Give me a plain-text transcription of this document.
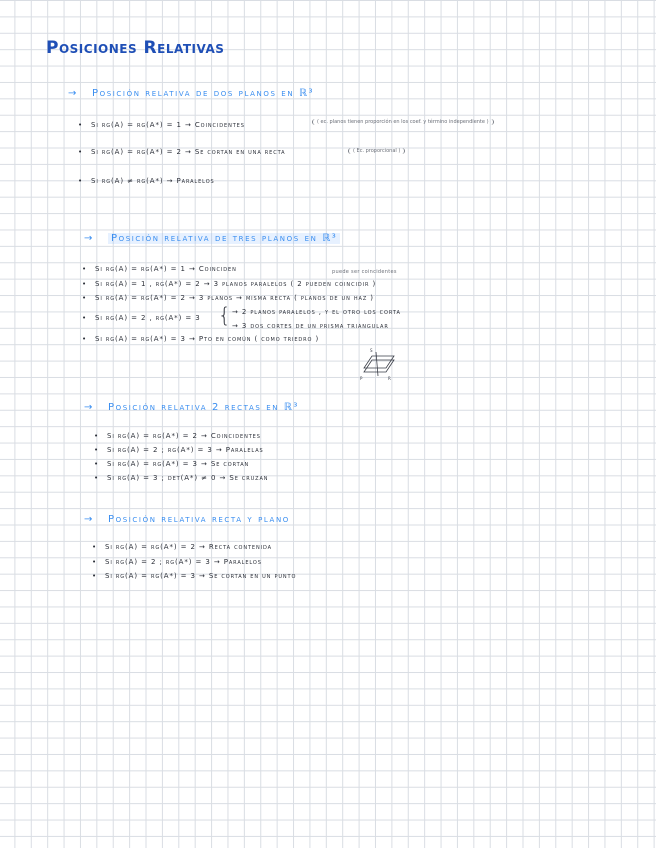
Posiciones Relativas
→ Posición relativa de dos planos en ℝ³
• Si rg(A) = rg(A*) = 1 → Coincidentes	( ec. planos tienen proporción en los coef. y término independiente )
• Si rg(A) = rg(A*) = 2 → Se cortan en una recta	( Ec. proporcional )
• Si rg(A) ≠ rg(A*) → Paralelos
→ Posición relativa de tres planos en ℝ³
puede ser coincidentes
• Si rg(A) = rg(A*) = 1 → Coinciden
• Si rg(A) = 1 , rg(A*) = 2 → 3 planos paralelos ( 2 pueden coincidir )
• Si rg(A) = rg(A*) = 2 → 3 planos → misma recta ( planos de un haz )
• Si rg(A) = 2 , rg(A*) = 3 { → 2 planos paralelos , y el otro los corta
→ 3 dos cortes de un prisma triangular
• Si rg(A) = rg(A*) = 3 → Pto en común ( como triedro )
S
P	R
→ Posición relativa 2 rectas en ℝ³
• Si rg(A) = rg(A*) = 2 → Coincidentes
• Si rg(A) = 2 ; rg(A*) = 3 → Paralelas
• Si rg(A) = rg(A*) = 3 → Se cortan
• Si rg(A) = 3 ; det(A*) ≠ 0 → Se cruzan
→ Posición relativa recta y plano
• Si rg(A) = rg(A*) = 2 → Recta contenida
• Si rg(A) = 2 ; rg(A*) = 3 → Paralelos
• Si rg(A) = rg(A*) = 3 → Se cortan en un punto
